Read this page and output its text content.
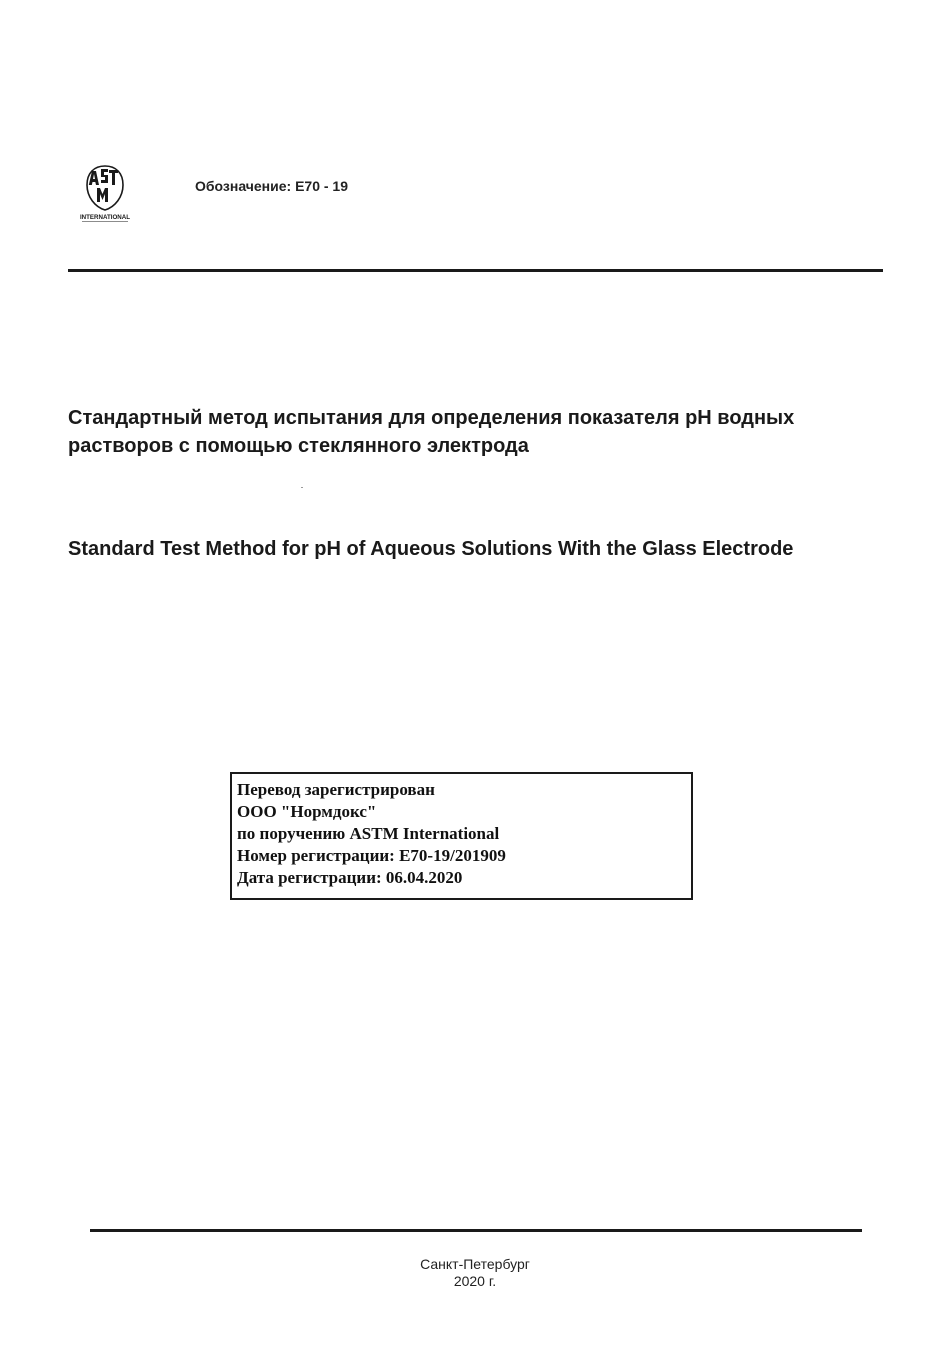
INTERNATIONAL
Обозначение: E70 - 19
Стандартный метод испытания для определения показателя pH водных растворов с помощью стеклянного электрода
Standard Test Method for pH of Aqueous Solutions With the Glass Electrode
Перевод зарегистрирован
ООО "Нормдокс"
по поручению ASTM International
Номер регистрации: E70-19/201909
Дата регистрации: 06.04.2020
Санкт-Петербург
2020 г.
